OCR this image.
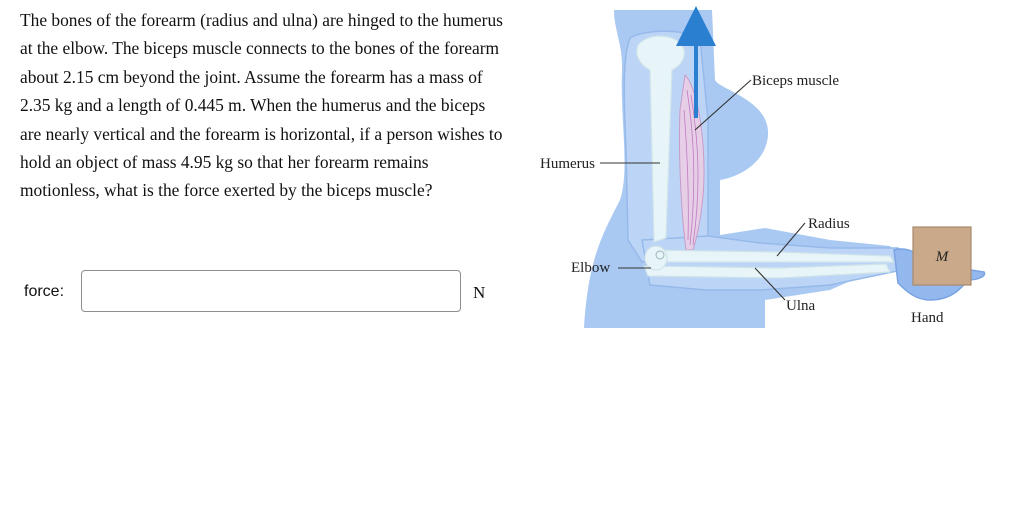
The bones of the forearm (radius and ulna) are hinged to the humerus at the elbow. The biceps muscle connects to the bones of the forearm about 2.15 cm beyond the joint. Assume the forearm has a mass of 2.35 kg and a length of 0.445 m. When the humerus and the biceps are nearly vertical and the forearm is horizontal, if a person wishes to hold an object of mass 4.95 kg so that her forearm remains motionless, what is the force exerted by the biceps muscle?
force:	N
M
Biceps muscle
Humerus
Radius
Elbow
Ulna
Hand
